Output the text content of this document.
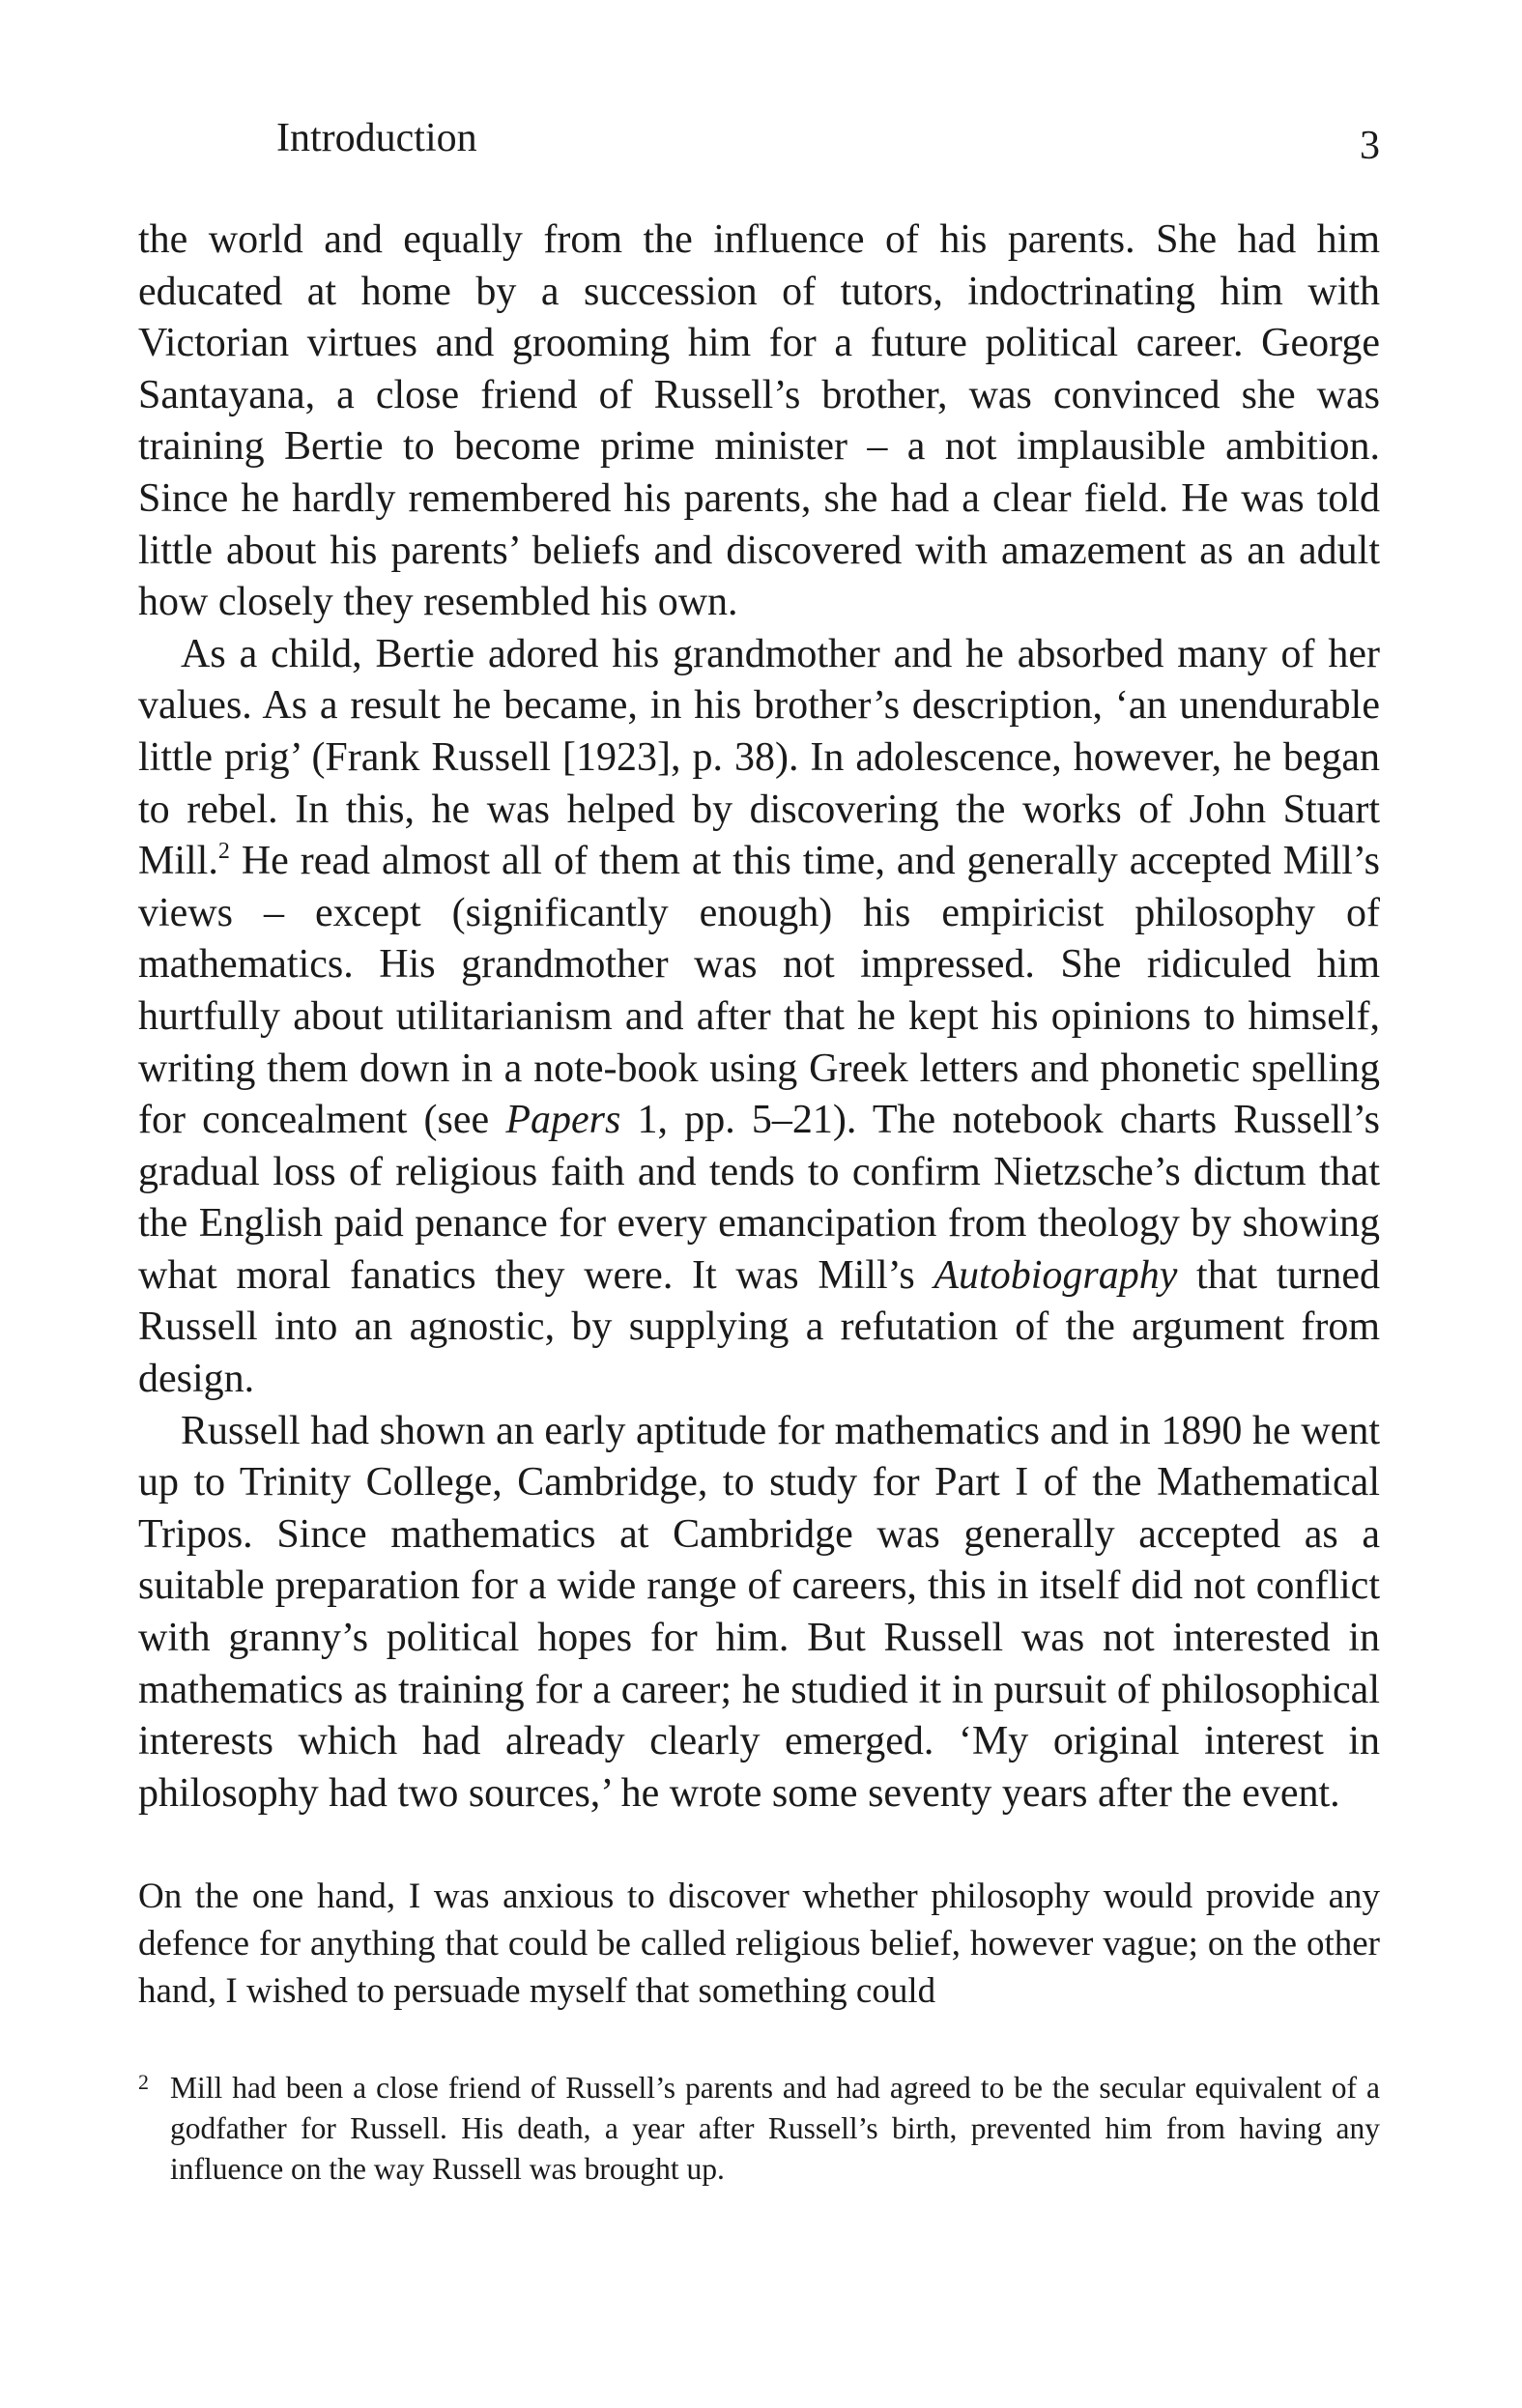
Introduction	3

the world and equally from the influence of his parents. She had him educated at home by a succession of tutors, indoctrinating him with Victorian virtues and grooming him for a future political career. George Santayana, a close friend of Russell’s brother, was convinced she was training Bertie to become prime minister – a not implausible ambition. Since he hardly remembered his parents, she had a clear field. He was told little about his parents’ beliefs and discovered with amazement as an adult how closely they resembled his own.

As a child, Bertie adored his grandmother and he absorbed many of her values. As a result he became, in his brother’s description, ‘an unendurable little prig’ (Frank Russell [1923], p. 38). In adolescence, however, he began to rebel. In this, he was helped by discovering the works of John Stuart Mill.$^2$ He read almost all of them at this time, and generally accepted Mill’s views – except (significantly enough) his empiricist philosophy of mathematics. His grandmother was not impressed. She ridiculed him hurtfully about utilitarianism and after that he kept his opinions to himself, writing them down in a note-book using Greek letters and phonetic spelling for concealment (see Papers 1, pp. 5–21). The notebook charts Russell’s gradual loss of religious faith and tends to confirm Nietzsche’s dictum that the English paid penance for every emancipation from theology by showing what moral fanatics they were. It was Mill’s Autobiography that turned Russell into an agnostic, by supplying a refutation of the argument from design.

Russell had shown an early aptitude for mathematics and in 1890 he went up to Trinity College, Cambridge, to study for Part I of the Mathematical Tripos. Since mathematics at Cambridge was generally accepted as a suitable preparation for a wide range of careers, this in itself did not conflict with granny’s political hopes for him. But Russell was not interested in mathematics as training for a career; he studied it in pursuit of philosophical interests which had already clearly emerged. ‘My original interest in philosophy had two sources,’ he wrote some seventy years after the event.

On the one hand, I was anxious to discover whether philosophy would provide any defence for anything that could be called religious belief, however vague; on the other hand, I wished to persuade myself that something could

2 Mill had been a close friend of Russell’s parents and had agreed to be the secular equivalent of a godfather for Russell. His death, a year after Russell’s birth, prevented him from having any influence on the way Russell was brought up.
